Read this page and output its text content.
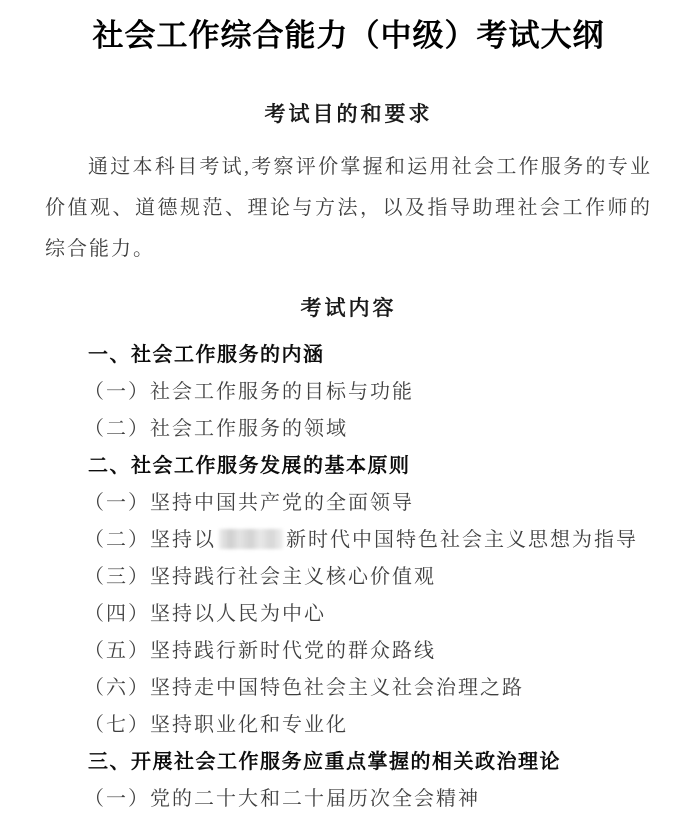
社会工作综合能力（中级）考试大纲
考试目的和要求

通过本科目考试,考察评价掌握和运用社会工作服务的专业价值观、道德规范、理论与方法，以及指导助理社会工作师的综合能力。

考试内容
一、社会工作服务的内涵
（一）社会工作服务的目标与功能
（二）社会工作服务的领域
二、社会工作服务发展的基本原则
（一）坚持中国共产党的全面领导
（二）坚持以	新时代中国特色社会主义思想为指导
（三）坚持践行社会主义核心价值观
（四）坚持以人民为中心
（五）坚持践行新时代党的群众路线
（六）坚持走中国特色社会主义社会治理之路
（七）坚持职业化和专业化
三、开展社会工作服务应重点掌握的相关政治理论
（一）党的二十大和二十届历次全会精神
